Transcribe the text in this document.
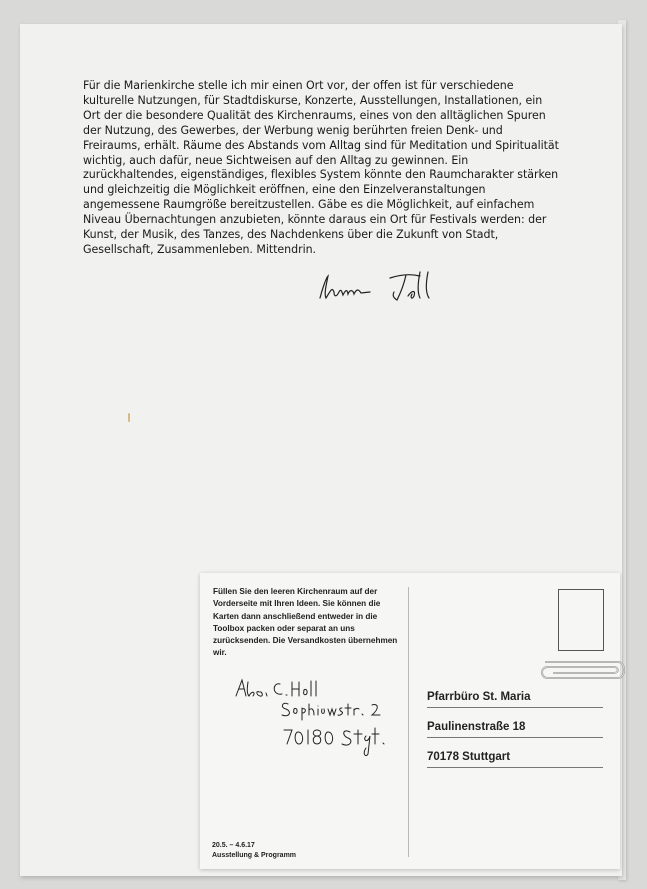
Für die Marienkirche stelle ich mir einen Ort vor, der offen ist für verschiedene kulturelle Nutzungen, für Stadtdiskurse, Konzerte, Ausstellungen, Installationen, ein Ort der die besondere Qualität des Kirchenraums, eines von den alltäglichen Spuren der Nutzung, des Gewerbes, der Werbung wenig berührten freien Denk- und Freiraums, erhält. Räume des Abstands vom Alltag sind für Meditation und Spiritualität wichtig, auch dafür, neue Sichtweisen auf den Alltag zu gewinnen. Ein zurückhaltendes, eigenständiges, flexibles System könnte den Raumcharakter stärken und gleichzeitig die Möglichkeit eröffnen, eine den Einzelveranstaltungen angemessene Raumgröße bereitzustellen. Gäbe es die Möglichkeit, auf einfachem Niveau Übernachtungen anzubieten, könnte daraus ein Ort für Festivals werden: der Kunst, der Musik, des Tanzes, des Nachdenkens über die Zukunft von Stadt, Gesellschaft, Zusammenleben. Mittendrin.
Füllen Sie den leeren Kirchenraum auf der Vorderseite mit Ihren Ideen. Sie können die Karten dann anschließend entweder in die Toolbox packen oder separat an uns zurücksenden. Die Versandkosten übernehmen wir.
20.5. – 4.6.17
Ausstellung & Programm
Pfarrbüro St. Maria
Paulinenstraße 18
70178 Stuttgart
